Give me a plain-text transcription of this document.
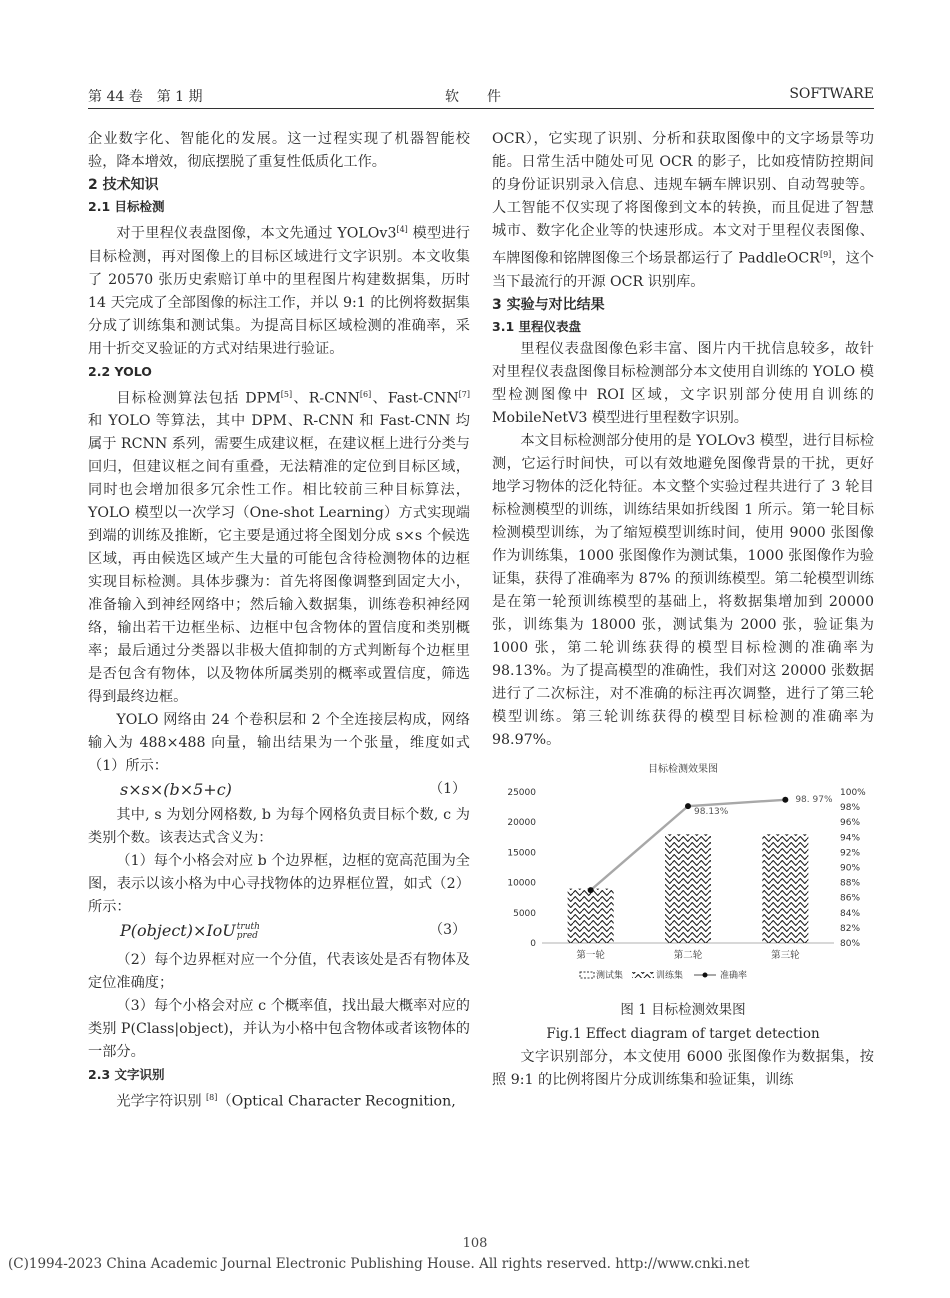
第 44 卷　第 1 期	软　　件	SOFTWARE

企业数字化、智能化的发展。这一过程实现了机器智能校验，降本增效，彻底摆脱了重复性低质化工作。

2 技术知识
2.1 目标检测

对于里程仪表盘图像，本文先通过 YOLOv3[4] 模型进行目标检测，再对图像上的目标区域进行文字识别。本文收集了 20570 张历史索赔订单中的里程图片构建数据集，历时 14 天完成了全部图像的标注工作，并以 9:1 的比例将数据集分成了训练集和测试集。为提高目标区域检测的准确率，采用十折交叉验证的方式对结果进行验证。

2.2 YOLO

目标检测算法包括 DPM[5]、R-CNN[6]、Fast-CNN[7] 和 YOLO 等算法，其中 DPM、R-CNN 和 Fast-CNN 均属于 RCNN 系列，需要生成建议框，在建议框上进行分类与回归，但建议框之间有重叠，无法精准的定位到目标区域，同时也会增加很多冗余性工作。相比较前三种目标算法，YOLO 模型以一次学习（One-shot Learning）方式实现端到端的训练及推断，它主要是通过将全图划分成 s×s 个候选区域，再由候选区域产生大量的可能包含待检测物体的边框实现目标检测。具体步骤为：首先将图像调整到固定大小，准备输入到神经网络中；然后输入数据集，训练卷积神经网络，输出若干边框坐标、边框中包含物体的置信度和类别概率；最后通过分类器以非极大值抑制的方式判断每个边框里是否包含有物体，以及物体所属类别的概率或置信度，筛选得到最终边框。

YOLO 网络由 24 个卷积层和 2 个全连接层构成，网络输入为 488×488 向量，输出结果为一个张量，维度如式（1）所示：

s×s×(b×5+c)	（1）

其中, s 为划分网格数, b 为每个网格负责目标个数, c 为类别个数。该表达式含义为：

（1）每个小格会对应 b 个边界框，边框的宽高范围为全图，表示以该小格为中心寻找物体的边界框位置，如式（2）所示：

P(object)×IoU truth
pred	（3）

（2）每个边界框对应一个分值，代表该处是否有物体及定位准确度；

（3）每个小格会对应 c 个概率值，找出最大概率对应的类别 P(Class|object)，并认为小格中包含物体或者该物体的一部分。

2.3 文字识别

光学字符识别 [8]（Optical Character Recognition,

OCR），它实现了识别、分析和获取图像中的文字场景等功能。日常生活中随处可见 OCR 的影子，比如疫情防控期间的身份证识别录入信息、违规车辆车牌识别、自动驾驶等。人工智能不仅实现了将图像到文本的转换，而且促进了智慧城市、数字化企业等的快速形成。本文对于里程仪表图像、车牌图像和铭牌图像三个场景都运行了 PaddleOCR[9]，这个当下最流行的开源 OCR 识别库。

3 实验与对比结果
3.1 里程仪表盘

里程仪表盘图像色彩丰富、图片内干扰信息较多，故针对里程仪表盘图像目标检测部分本文使用自训练的 YOLO 模型检测图像中 ROI 区域，文字识别部分使用自训练的 MobileNetV3 模型进行里程数字识别。

本文目标检测部分使用的是 YOLOv3 模型，进行目标检测，它运行时间快，可以有效地避免图像背景的干扰，更好地学习物体的泛化特征。本文整个实验过程共进行了 3 轮目标检测模型的训练，训练结果如折线图 1 所示。第一轮目标检测模型训练，为了缩短模型训练时间，使用 9000 张图像作为训练集，1000 张图像作为测试集，1000 张图像作为验证集，获得了准确率为 87% 的预训练模型。第二轮模型训练是在第一轮预训练模型的基础上，将数据集增加到 20000 张，训练集为 18000 张，测试集为 2000 张，验证集为 1000 张，第二轮训练获得的模型目标检测的准确率为 98.13%。为了提高模型的准确性，我们对这 20000 张数据进行了二次标注，对不准确的标注再次调整，进行了第三轮模型训练。第三轮训练获得的模型目标检测的准确率为 98.97%。

目标检测效果图
0
5000
10000
15000
20000
25000
80%
82%
84%
86%
88%
90%
92%
94%
96%
98%
100%
98.13%
98. 97%
第一轮	第二轮	第三轮
测试集	训练集	准确率
图 1 目标检测效果图
Fig.1 Effect diagram of target detection

文字识别部分，本文使用 6000 张图像作为数据集，按照 9:1 的比例将图片分成训练集和验证集，训练

108
(C)1994-2023 China Academic Journal Electronic Publishing House. All rights reserved. http://www.cnki.net
